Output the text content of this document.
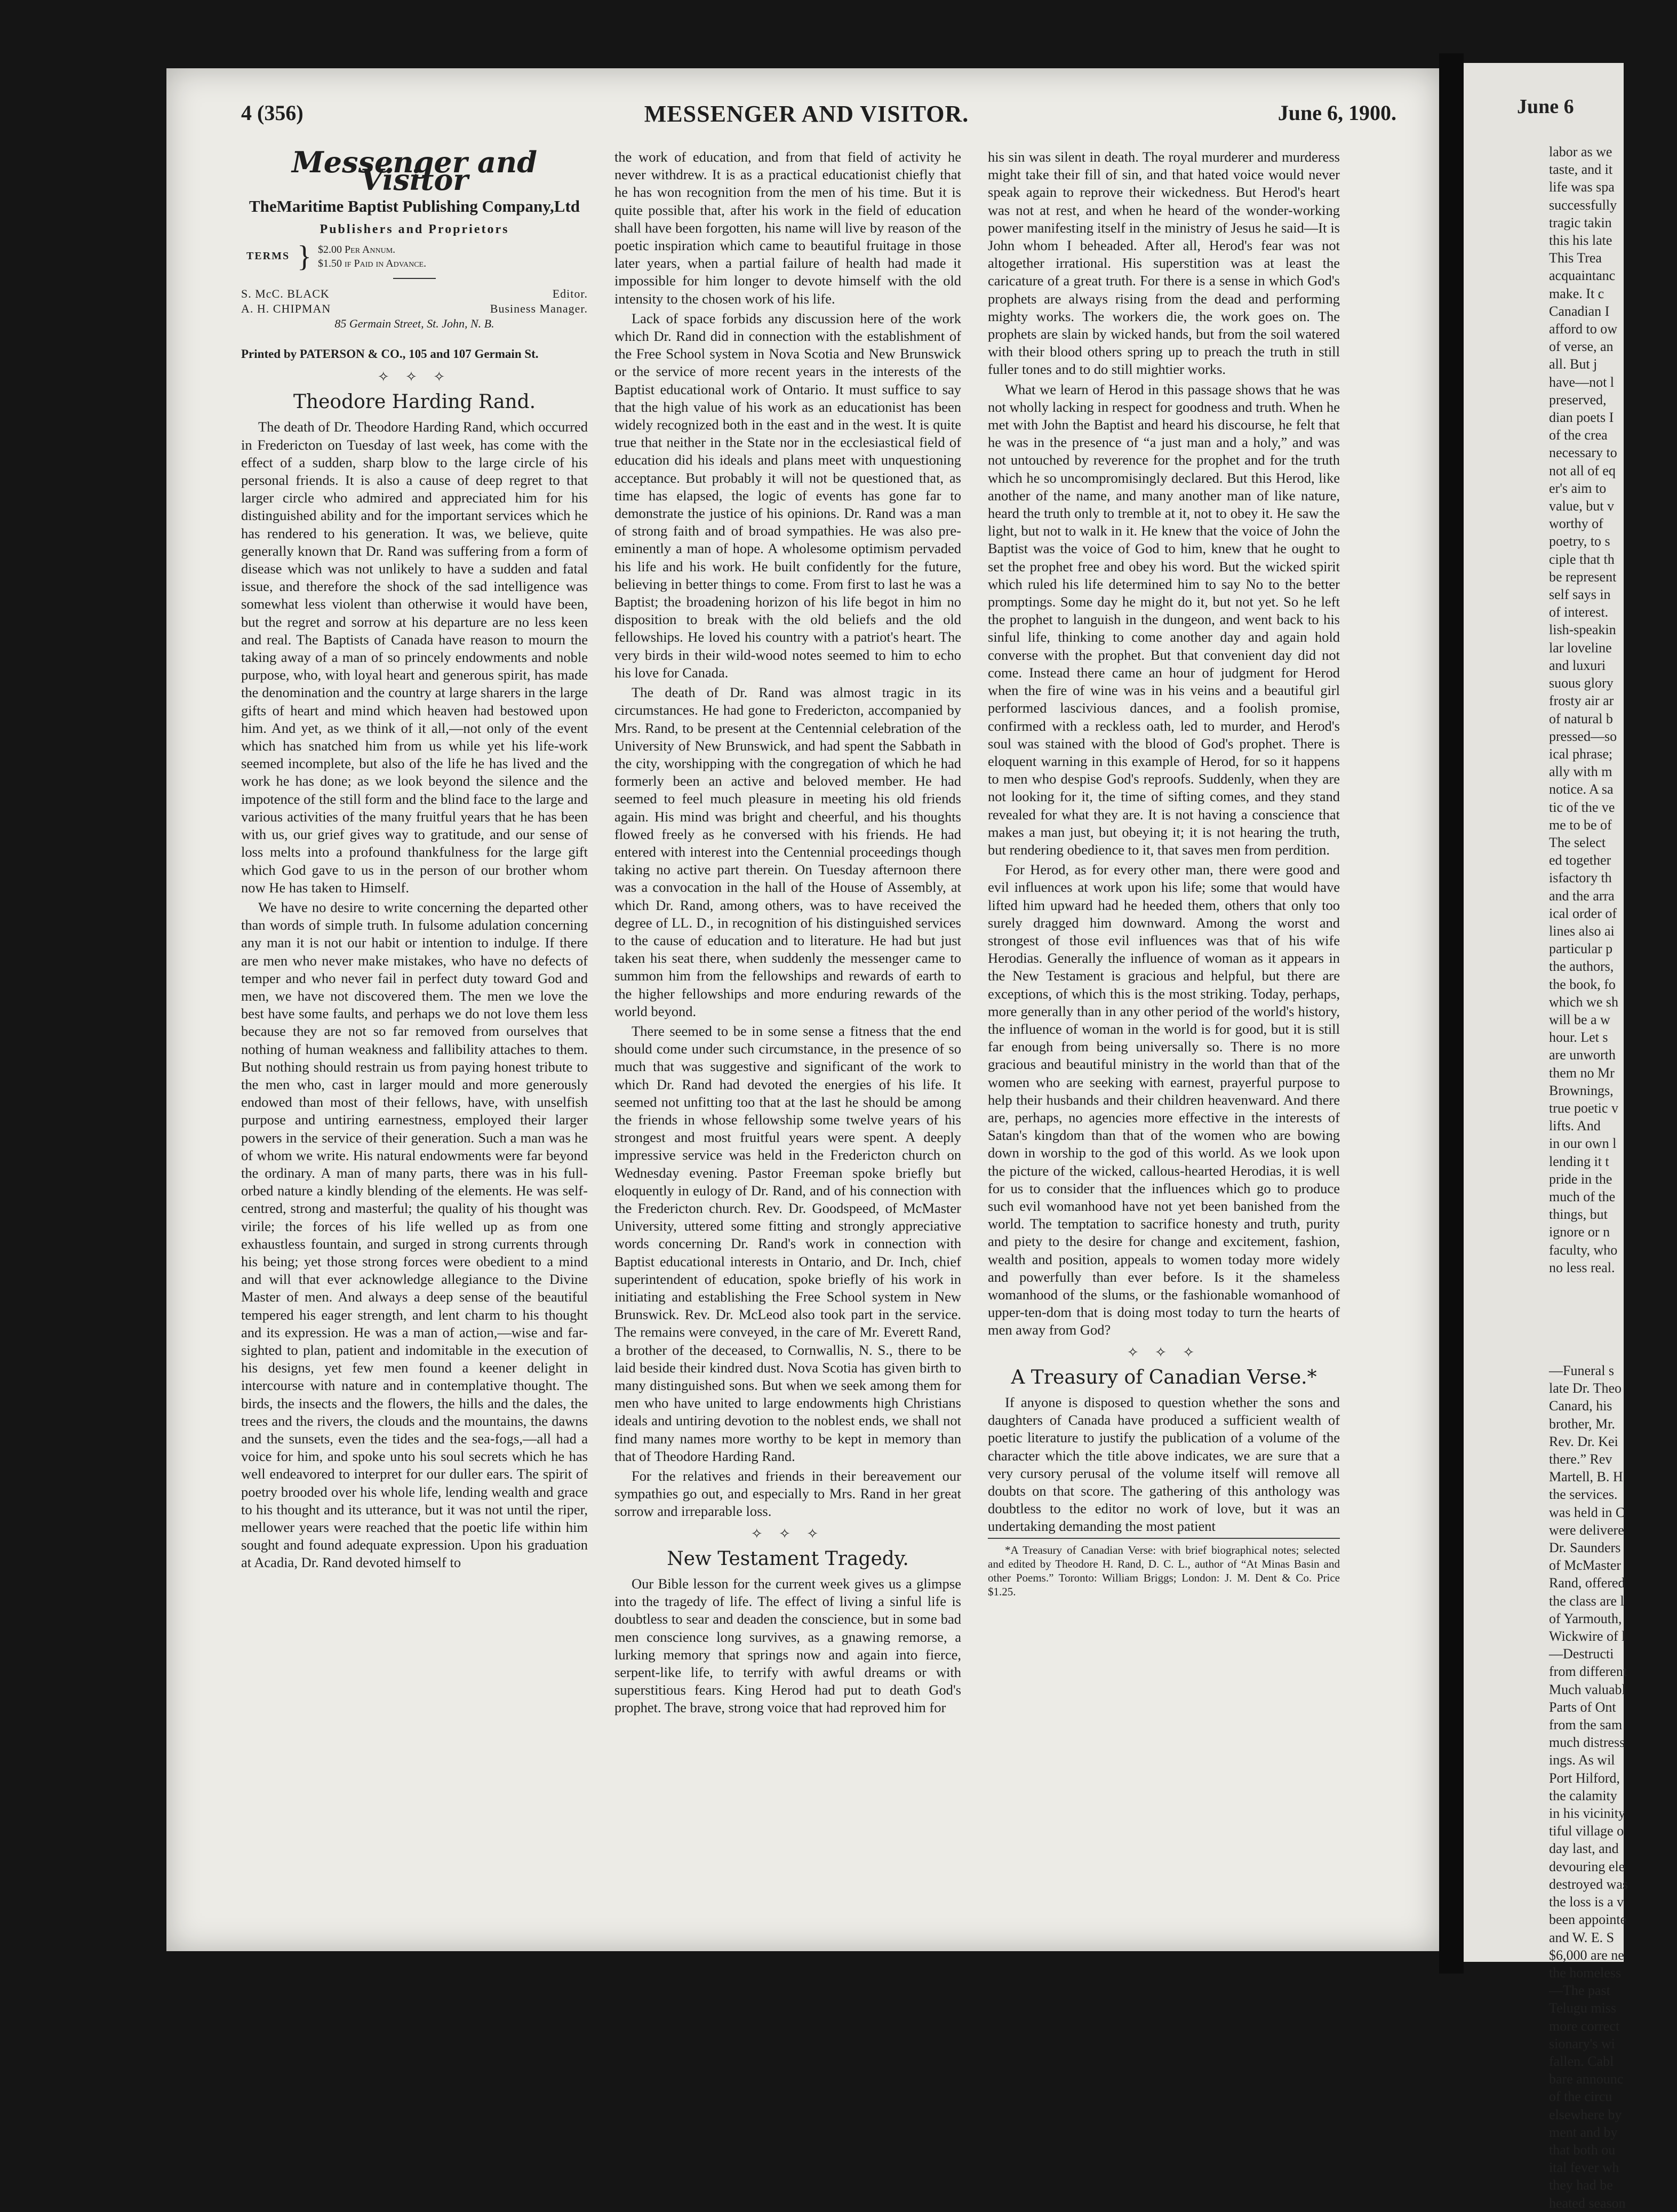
4 (356)	MESSENGER AND VISITOR.	June 6, 1900.
Messenger and Visitor
TheMaritime Baptist Publishing Company,Ltd
Publishers and Proprietors
TERMS } $2.00 Per Annum.
$1.50 if Paid in Advance.
S. McC. BLACK	Editor.
A. H. CHIPMAN	Business Manager.
85 Germain Street, St. John, N. B.
Printed by PATERSON & CO., 105 and 107 Germain St.
✧ ✧ ✧
Theodore Harding Rand.

The death of Dr. Theodore Harding Rand, which occurred in Fredericton on Tuesday of last week, has come with the effect of a sudden, sharp blow to the large circle of his personal friends. It is also a cause of deep regret to that larger circle who admired and appreciated him for his distinguished ability and for the important services which he has rendered to his generation. It was, we believe, quite generally known that Dr. Rand was suffering from a form of disease which was not unlikely to have a sudden and fatal issue, and therefore the shock of the sad intelligence was somewhat less violent than otherwise it would have been, but the regret and sorrow at his departure are no less keen and real. The Baptists of Canada have reason to mourn the taking away of a man of so princely endowments and noble purpose, who, with loyal heart and generous spirit, has made the denomination and the country at large sharers in the large gifts of heart and mind which heaven had bestowed upon him. And yet, as we think of it all,—not only of the event which has snatched him from us while yet his life-work seemed incomplete, but also of the life he has lived and the work he has done; as we look beyond the silence and the impotence of the still form and the blind face to the large and various activities of the many fruitful years that he has been with us, our grief gives way to gratitude, and our sense of loss melts into a profound thankfulness for the large gift which God gave to us in the person of our brother whom now He has taken to Himself.

We have no desire to write concerning the departed other than words of simple truth. In fulsome adulation concerning any man it is not our habit or intention to indulge. If there are men who never make mistakes, who have no defects of temper and who never fail in perfect duty toward God and men, we have not discovered them. The men we love the best have some faults, and perhaps we do not love them less because they are not so far removed from ourselves that nothing of human weakness and fallibility attaches to them. But nothing should restrain us from paying honest tribute to the men who, cast in larger mould and more generously endowed than most of their fellows, have, with unselfish purpose and untiring earnestness, employed their larger powers in the service of their generation. Such a man was he of whom we write. His natural endowments were far beyond the ordinary. A man of many parts, there was in his full-orbed nature a kindly blending of the elements. He was self-centred, strong and masterful; the quality of his thought was virile; the forces of his life welled up as from one exhaustless fountain, and surged in strong currents through his being; yet those strong forces were obedient to a mind and will that ever acknowledge allegiance to the Divine Master of men. And always a deep sense of the beautiful tempered his eager strength, and lent charm to his thought and its expression. He was a man of action,—wise and far-sighted to plan, patient and indomitable in the execution of his designs, yet few men found a keener delight in intercourse with nature and in contemplative thought. The birds, the insects and the flowers, the hills and the dales, the trees and the rivers, the clouds and the mountains, the dawns and the sunsets, even the tides and the sea-fogs,—all had a voice for him, and spoke unto his soul secrets which he has well endeavored to interpret for our duller ears. The spirit of poetry brooded over his whole life, lending wealth and grace to his thought and its utterance, but it was not until the riper, mellower years were reached that the poetic life within him sought and found adequate expression. Upon his graduation at Acadia, Dr. Rand devoted himself to

the work of education, and from that field of activity he never withdrew. It is as a practical educationist chiefly that he has won recognition from the men of his time. But it is quite possible that, after his work in the field of education shall have been forgotten, his name will live by reason of the poetic inspiration which came to beautiful fruitage in those later years, when a partial failure of health had made it impossible for him longer to devote himself with the old intensity to the chosen work of his life.

Lack of space forbids any discussion here of the work which Dr. Rand did in connection with the establishment of the Free School system in Nova Scotia and New Brunswick or the service of more recent years in the interests of the Baptist educational work of Ontario. It must suffice to say that the high value of his work as an educationist has been widely recognized both in the east and in the west. It is quite true that neither in the State nor in the ecclesiastical field of education did his ideals and plans meet with unquestioning acceptance. But probably it will not be questioned that, as time has elapsed, the logic of events has gone far to demonstrate the justice of his opinions. Dr. Rand was a man of strong faith and of broad sympathies. He was also pre-eminently a man of hope. A wholesome optimism pervaded his life and his work. He built confidently for the future, believing in better things to come. From first to last he was a Baptist; the broadening horizon of his life begot in him no disposition to break with the old beliefs and the old fellowships. He loved his country with a patriot's heart. The very birds in their wild-wood notes seemed to him to echo his love for Canada.

The death of Dr. Rand was almost tragic in its circumstances. He had gone to Fredericton, accompanied by Mrs. Rand, to be present at the Centennial celebration of the University of New Brunswick, and had spent the Sabbath in the city, worshipping with the congregation of which he had formerly been an active and beloved member. He had seemed to feel much pleasure in meeting his old friends again. His mind was bright and cheerful, and his thoughts flowed freely as he conversed with his friends. He had entered with interest into the Centennial proceedings though taking no active part therein. On Tuesday afternoon there was a convocation in the hall of the House of Assembly, at which Dr. Rand, among others, was to have received the degree of LL. D., in recognition of his distinguished services to the cause of education and to literature. He had but just taken his seat there, when suddenly the messenger came to summon him from the fellowships and rewards of earth to the higher fellowships and more enduring rewards of the world beyond.

There seemed to be in some sense a fitness that the end should come under such circumstance, in the presence of so much that was suggestive and significant of the work to which Dr. Rand had devoted the energies of his life. It seemed not unfitting too that at the last he should be among the friends in whose fellowship some twelve years of his strongest and most fruitful years were spent. A deeply impressive service was held in the Fredericton church on Wednesday evening. Pastor Freeman spoke briefly but eloquently in eulogy of Dr. Rand, and of his connection with the Fredericton church. Rev. Dr. Goodspeed, of McMaster University, uttered some fitting and strongly appreciative words concerning Dr. Rand's work in connection with Baptist educational interests in Ontario, and Dr. Inch, chief superintendent of education, spoke briefly of his work in initiating and establishing the Free School system in New Brunswick. Rev. Dr. McLeod also took part in the service. The remains were conveyed, in the care of Mr. Everett Rand, a brother of the deceased, to Cornwallis, N. S., there to be laid beside their kindred dust. Nova Scotia has given birth to many distinguished sons. But when we seek among them for men who have united to large endowments high Christians ideals and untiring devotion to the noblest ends, we shall not find many names more worthy to be kept in memory than that of Theodore Harding Rand.

For the relatives and friends in their bereavement our sympathies go out, and especially to Mrs. Rand in her great sorrow and irreparable loss.

✧ ✧ ✧
New Testament Tragedy.

Our Bible lesson for the current week gives us a glimpse into the tragedy of life. The effect of living a sinful life is doubtless to sear and deaden the conscience, but in some bad men conscience long survives, as a gnawing remorse, a lurking memory that springs now and again into fierce, serpent-like life, to terrify with awful dreams or with superstitious fears. King Herod had put to death God's prophet. The brave, strong voice that had reproved him for

his sin was silent in death. The royal murderer and murderess might take their fill of sin, and that hated voice would never speak again to reprove their wickedness. But Herod's heart was not at rest, and when he heard of the wonder-working power manifesting itself in the ministry of Jesus he said—It is John whom I beheaded. After all, Herod's fear was not altogether irrational. His superstition was at least the caricature of a great truth. For there is a sense in which God's prophets are always rising from the dead and performing mighty works. The workers die, the work goes on. The prophets are slain by wicked hands, but from the soil watered with their blood others spring up to preach the truth in still fuller tones and to do still mightier works.

What we learn of Herod in this passage shows that he was not wholly lacking in respect for goodness and truth. When he met with John the Baptist and heard his discourse, he felt that he was in the presence of “a just man and a holy,” and was not untouched by reverence for the prophet and for the truth which he so uncompromisingly declared. But this Herod, like another of the name, and many another man of like nature, heard the truth only to tremble at it, not to obey it. He saw the light, but not to walk in it. He knew that the voice of John the Baptist was the voice of God to him, knew that he ought to set the prophet free and obey his word. But the wicked spirit which ruled his life determined him to say No to the better promptings. Some day he might do it, but not yet. So he left the prophet to languish in the dungeon, and went back to his sinful life, thinking to come another day and again hold converse with the prophet. But that convenient day did not come. Instead there came an hour of judgment for Herod when the fire of wine was in his veins and a beautiful girl performed lascivious dances, and a foolish promise, confirmed with a reckless oath, led to murder, and Herod's soul was stained with the blood of God's prophet. There is eloquent warning in this example of Herod, for so it happens to men who despise God's reproofs. Suddenly, when they are not looking for it, the time of sifting comes, and they stand revealed for what they are. It is not having a conscience that makes a man just, but obeying it; it is not hearing the truth, but rendering obedience to it, that saves men from perdition.

For Herod, as for every other man, there were good and evil influences at work upon his life; some that would have lifted him upward had he heeded them, others that only too surely dragged him downward. Among the worst and strongest of those evil influences was that of his wife Herodias. Generally the influence of woman as it appears in the New Testament is gracious and helpful, but there are exceptions, of which this is the most striking. Today, perhaps, more generally than in any other period of the world's history, the influence of woman in the world is for good, but it is still far enough from being universally so. There is no more gracious and beautiful ministry in the world than that of the women who are seeking with earnest, prayerful purpose to help their husbands and their children heavenward. And there are, perhaps, no agencies more effective in the interests of Satan's kingdom than that of the women who are bowing down in worship to the god of this world. As we look upon the picture of the wicked, callous-hearted Herodias, it is well for us to consider that the influences which go to produce such evil womanhood have not yet been banished from the world. The temptation to sacrifice honesty and truth, purity and piety to the desire for change and excitement, fashion, wealth and position, appeals to women today more widely and powerfully than ever before. Is it the shameless womanhood of the slums, or the fashionable womanhood of upper-ten-dom that is doing most today to turn the hearts of men away from God?

✧ ✧ ✧
A Treasury of Canadian Verse.*

If anyone is disposed to question whether the sons and daughters of Canada have produced a sufficient wealth of poetic literature to justify the publication of a volume of the character which the title above indicates, we are sure that a very cursory perusal of the volume itself will remove all doubts on that score. The gathering of this anthology was doubtless to the editor no work of love, but it was an undertaking demanding the most patient

*A Treasury of Canadian Verse: with brief biographical notes; selected and edited by Theodore H. Rand, D. C. L., author of “At Minas Basin and other Poems.” Toronto: William Briggs; London: J. M. Dent & Co. Price $1.25.

June 6
labor as we
taste, and it
life was spa
successfully
tragic takin
this his late
This Trea
acquaintanc
make. It c
Canadian I
afford to ow
of verse, an
all. But j
have—not l
preserved,
dian poets I
of the crea
necessary to
not all of eq
er's aim to
value, but v
worthy of
poetry, to s
ciple that th
be represent
self says in
of interest.
lish-speakin
lar loveline
and luxuri
suous glory
frosty air ar
of natural b
pressed—so
ical phrase;
ally with m
notice. A sa
tic of the ve
me to be of
The select
ed together
isfactory th
and the arra
ical order of
lines also ai
particular p
the authors,
the book, fo
which we sh
will be a w
hour. Let s
are unworth
them no Mr
Brownings,
true poetic v
lifts. And
in our own l
lending it t
pride in the
much of the
things, but
ignore or n
faculty, who
no less real.
—Funeral s
late Dr. Theo
Canard, his
brother, Mr.
Rev. Dr. Kei
there.” Rev
Martell, B. H
the services.
was held in C
were delivere
Dr. Saunders
of McMaster
Rand, offered
the class are l
of Yarmouth,
Wickwire of l
—Destructi
from different
Much valuabl
Parts of Ont
from the sam
much distress
ings. As wil
Port Hilford,
the calamity
in his vicinity
tiful village o
day last, and
devouring ele
destroyed was
the loss is a v
been appointe
and W. E. S
$6,000 are ne
the homeless
—The past
Telugu miss
more correct
sionary's wi
fallen. Cabl
bare announc
of the circu
elsewhere by
ment and by
that both ou
ital fever wh
they had be
heated season
